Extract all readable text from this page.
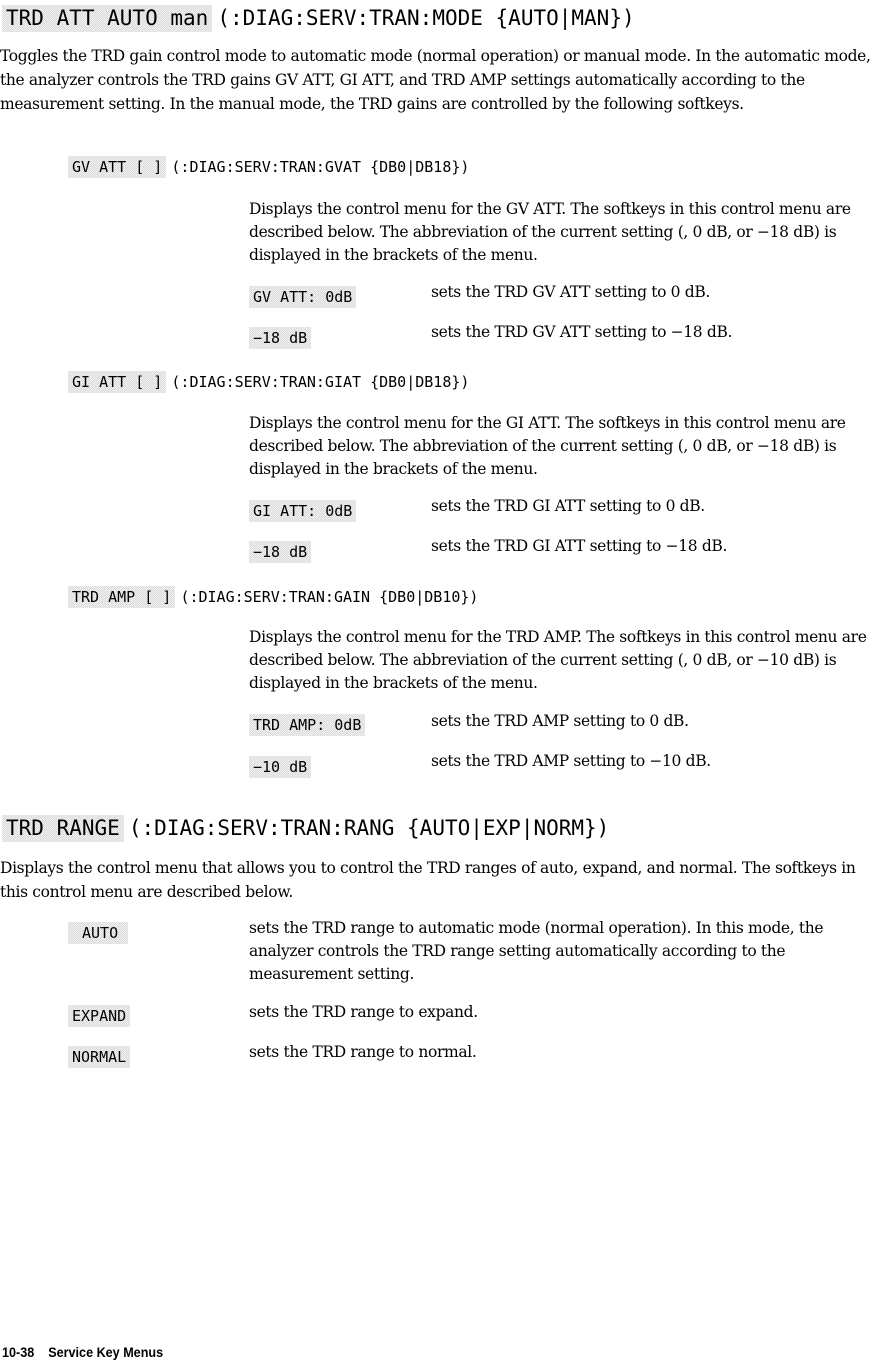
TRD ATT AUTO man (:DIAG:SERV:TRAN:MODE {AUTO|MAN})
Toggles the TRD gain control mode to automatic mode (normal operation) or manual mode. In the automatic mode, the analyzer controls the TRD gains GV ATT, GI ATT, and TRD AMP settings automatically according to the measurement setting. In the manual mode, the TRD gains are controlled by the following softkeys.
GV ATT [ ] (:DIAG:SERV:TRAN:GVAT {DB0|DB18})
Displays the control menu for the GV ATT. The softkeys in this control menu are described below. The abbreviation of the current setting (, 0 dB, or −18 dB) is displayed in the brackets of the menu.
GV ATT: 0dB	sets the TRD GV ATT setting to 0 dB.
−18 dB	sets the TRD GV ATT setting to −18 dB.
GI ATT [ ] (:DIAG:SERV:TRAN:GIAT {DB0|DB18})
Displays the control menu for the GI ATT. The softkeys in this control menu are described below. The abbreviation of the current setting (, 0 dB, or −18 dB) is displayed in the brackets of the menu.
GI ATT: 0dB	sets the TRD GI ATT setting to 0 dB.
−18 dB	sets the TRD GI ATT setting to −18 dB.
TRD AMP [ ] (:DIAG:SERV:TRAN:GAIN {DB0|DB10})
Displays the control menu for the TRD AMP. The softkeys in this control menu are described below. The abbreviation of the current setting (, 0 dB, or −10 dB) is displayed in the brackets of the menu.
TRD AMP: 0dB	sets the TRD AMP setting to 0 dB.
−10 dB	sets the TRD AMP setting to −10 dB.
TRD RANGE (:DIAG:SERV:TRAN:RANG {AUTO|EXP|NORM})
Displays the control menu that allows you to control the TRD ranges of auto, expand, and normal. The softkeys in this control menu are described below.
AUTO	sets the TRD range to automatic mode (normal operation). In this mode, the analyzer controls the TRD range setting automatically according to the measurement setting.
EXPAND	sets the TRD range to expand.
NORMAL	sets the TRD range to normal.
10-38 Service Key Menus
